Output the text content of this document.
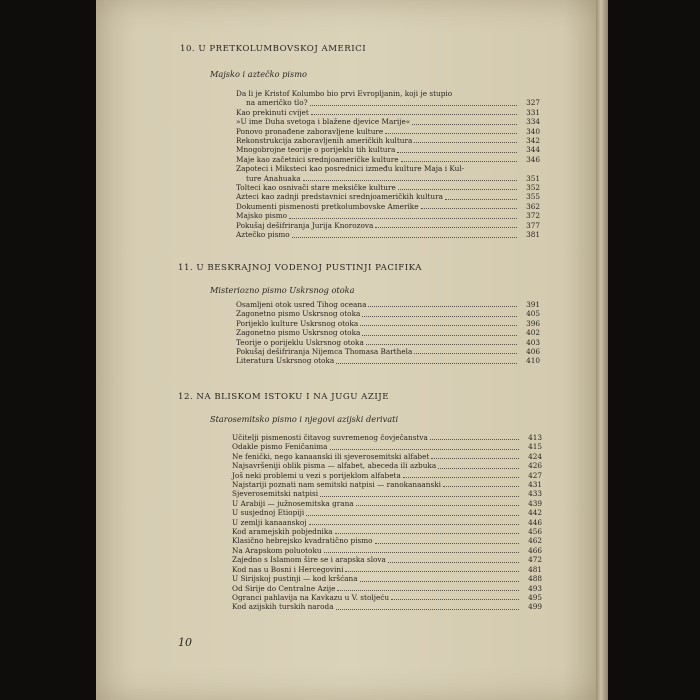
10. U PRETKOLUMBOVSKOJ AMERICI
Majsko i aztečko pismo
Da li je Kristof Kolumbo bio prvi Evropljanin, koji je stupio
na američko tlo?	327
Kao prekinuti cvijet	331
»U ime Duha svetoga i blažene djevice Marije«	334
Ponovo pronađene zaboravljene kulture	340
Rekonstrukcija zaboravljenih američkih kultura	342
Mnogobrojne teorije o porijeklu tih kultura	344
Maje kao začetnici srednjoameričke kulture	346
Zapoteci i Miksteci kao posrednici između kulture Maja i Kul-
ture Anahuaka	351
Tolteci kao osnivači stare meksičke kulture	352
Azteci kao zadnji predstavnici srednjoameričkih kultura	355
Dokumenti pismenosti pretkolumbovske Amerike	362
Majsko pismo	372
Pokušaj dešifriranja Jurija Knorozova	377
Aztečko pismo	381
11. U BESKRAJNOJ VODENOJ PUSTINJI PACIFIKA
Misteriozno pismo Uskrsnog otoka
Osamljeni otok usred Tihog oceana	391
Zagonetno pismo Uskrsnog otoka	405
Porijeklo kulture Uskrsnog otoka	396
Zagonetno pismo Uskrsnog otoka	402
Teorije o porijeklu Uskrsnog otoka	403
Pokušaj dešifriranja Nijemca Thomasa Barthela	406
Literatura Uskrsnog otoka	410
12. NA BLISKOM ISTOKU I NA JUGU AZIJE
Starosemitsko pismo i njegovi azijski derivati
Učitelji pismenosti čitavog suvremenog čovječanstva	413
Odakle pismo Feničanima	415
Ne fenički, nego kanaanski ili sjeverosemitski alfabet	424
Najsavršeniji oblik pisma — alfabet, abeceda ili azbuka	426
Još neki problemi u vezi s porijeklom alfabeta	427
Najstariji poznati nam semitski natpisi — ranokanaanski	431
Sjeverosemitski natpisi	433
U Arabiji — južnosemitska grana	439
U susjednoj Etiopiji	442
U zemlji kanaanskoj	446
Kod aramejskih pobjednika	456
Klasično hebrejsko kvadratično pismo	462
Na Arapskom poluotoku	466
Zajedno s Islamom šire se i arapska slova	472
Kod nas u Bosni i Hercegovini	481
U Sirijskoj pustinji — kod kršćana	488
Od Sirije do Centralne Azije	493
Ogranci pahlavija na Kavkazu u V. stoljeću	495
Kod azijskih turskih naroda	499
10
